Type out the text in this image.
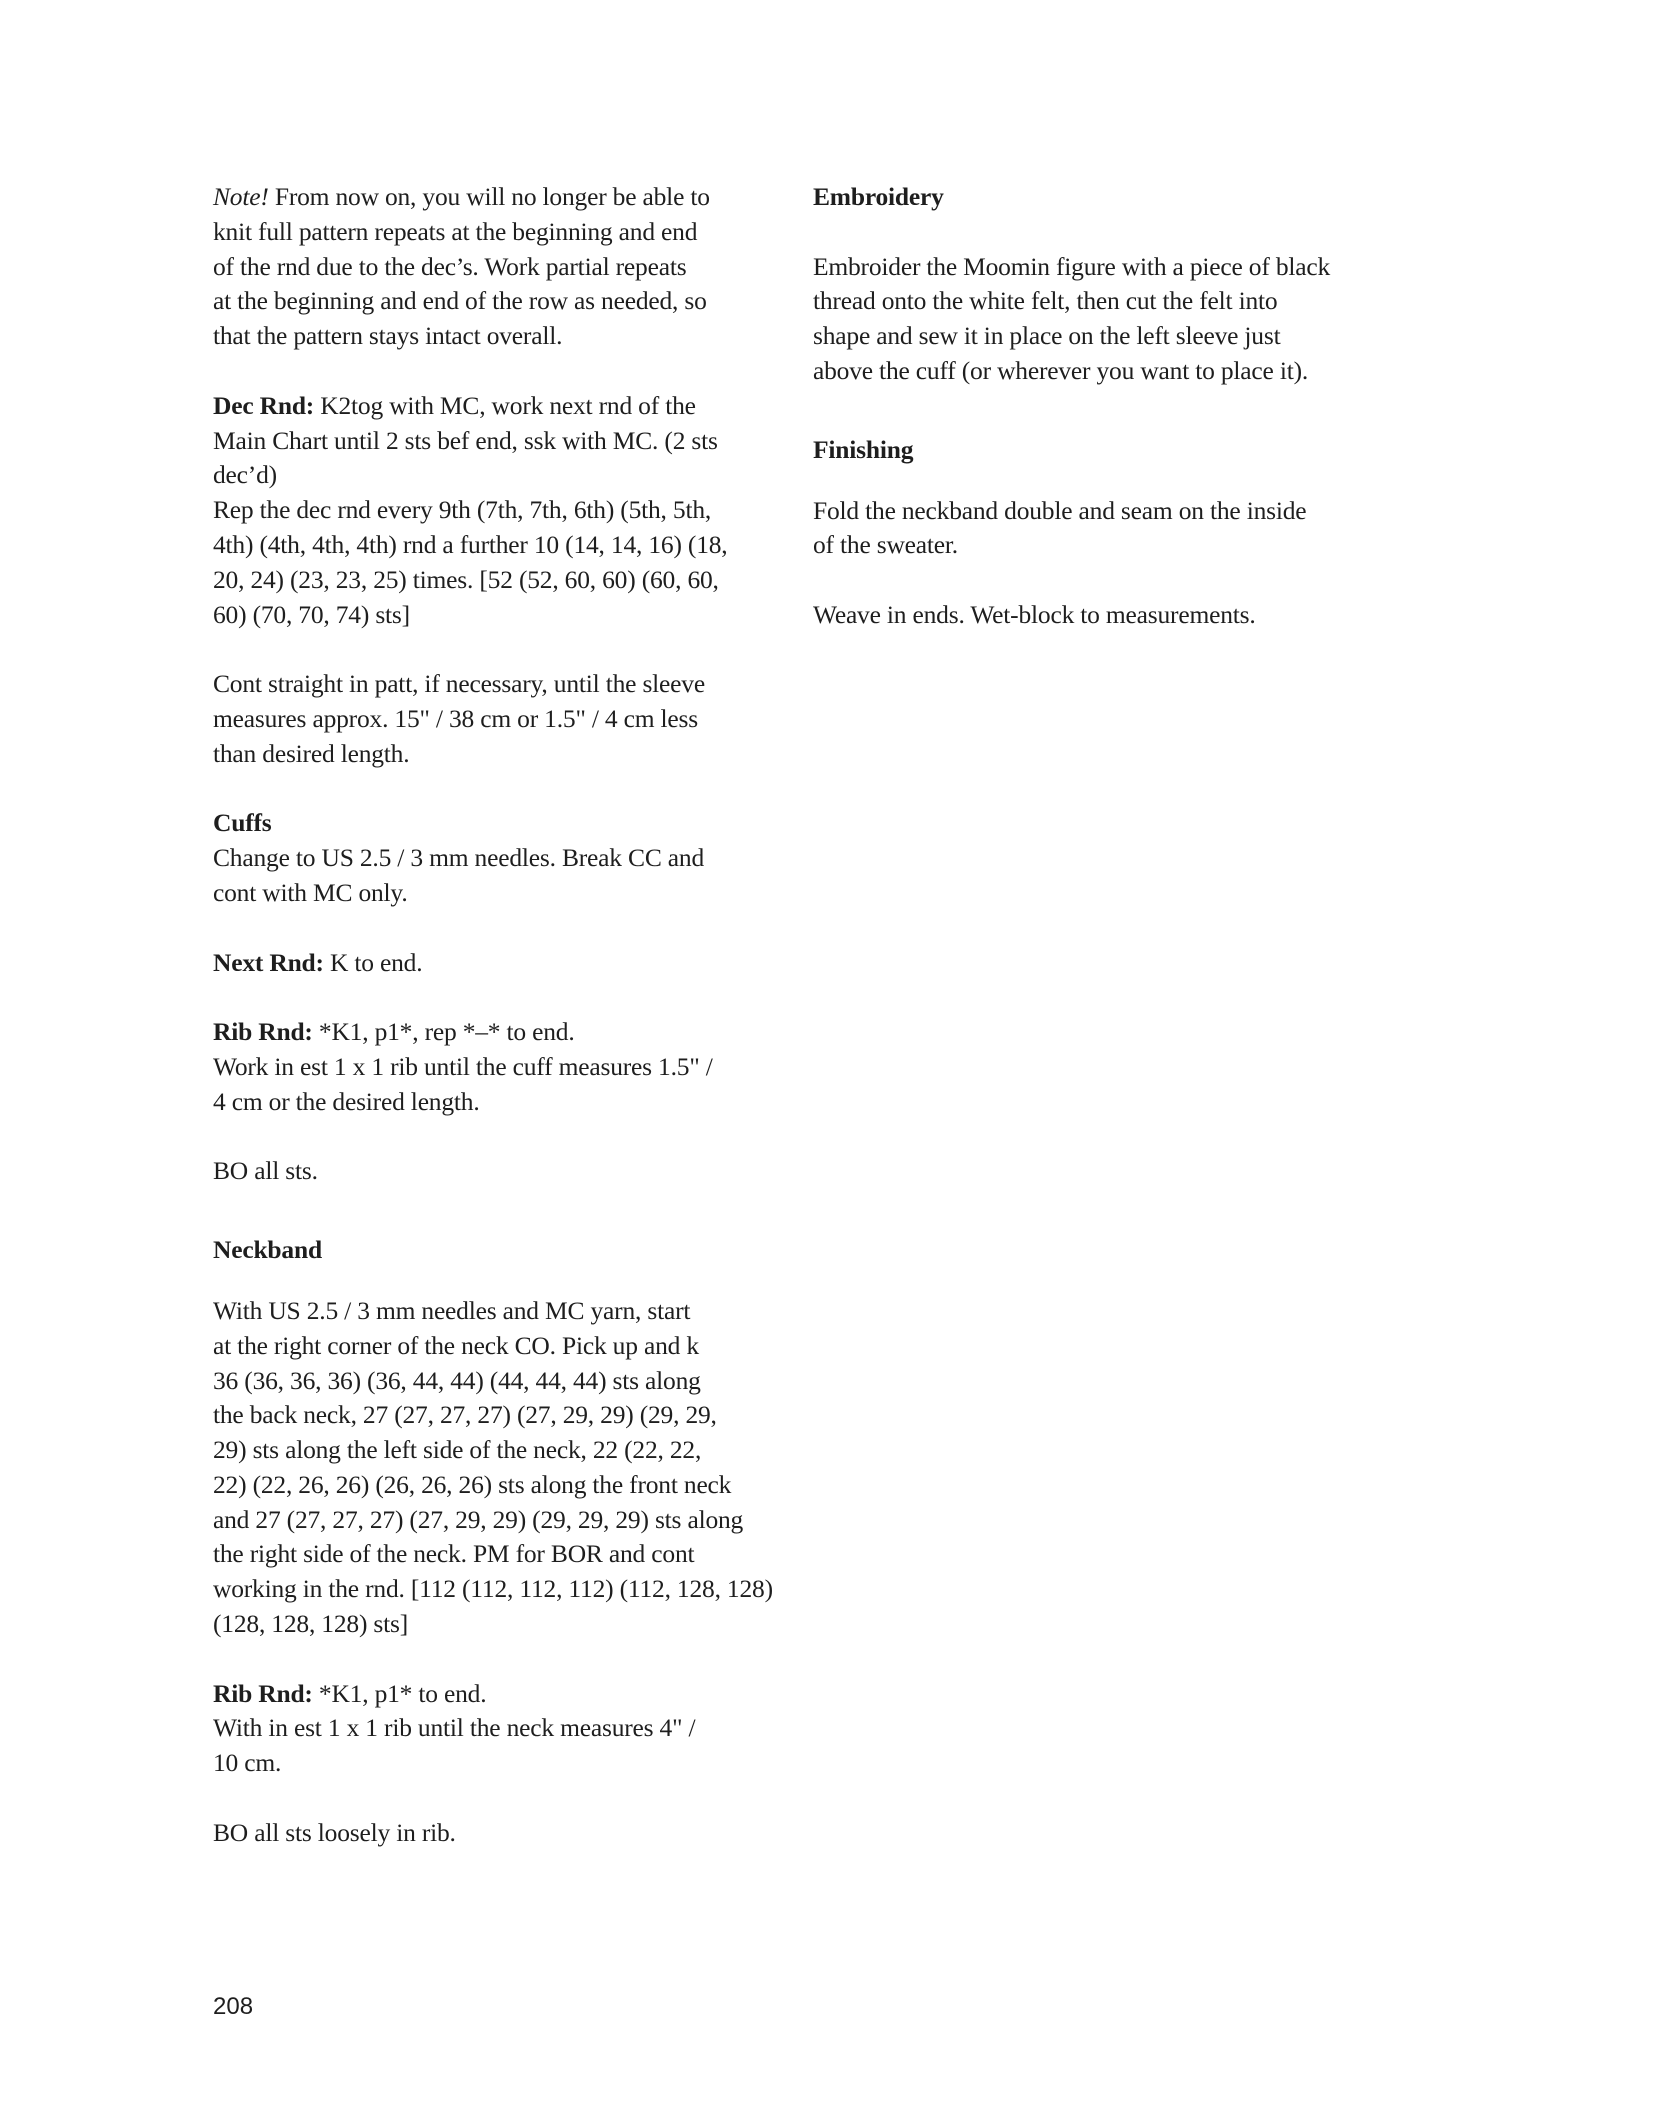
Note! From now on, you will no longer be able to
knit full pattern repeats at the beginning and end
of the rnd due to the dec’s. Work partial repeats
at the beginning and end of the row as needed, so
that the pattern stays intact overall.

Dec Rnd: K2tog with MC, work next rnd of the
Main Chart until 2 sts bef end, ssk with MC. (2 sts
dec’d)
Rep the dec rnd every 9th (7th, 7th, 6th) (5th, 5th,
4th) (4th, 4th, 4th) rnd a further 10 (14, 14, 16) (18,
20, 24) (23, 23, 25) times. [52 (52, 60, 60) (60, 60,
60) (70, 70, 74) sts]

Cont straight in patt, if necessary, until the sleeve
measures approx. 15" / 38 cm or 1.5" / 4 cm less
than desired length.

Cuffs
Change to US 2.5 / 3 mm needles. Break CC and
cont with MC only.

Next Rnd: K to end.

Rib Rnd: *K1, p1*, rep *–* to end.
Work in est 1 x 1 rib until the cuff measures 1.5" /
4 cm or the desired length.

BO all sts.

Neckband

With US 2.5 / 3 mm needles and MC yarn, start
at the right corner of the neck CO. Pick up and k
36 (36, 36, 36) (36, 44, 44) (44, 44, 44) sts along
the back neck, 27 (27, 27, 27) (27, 29, 29) (29, 29,
29) sts along the left side of the neck, 22 (22, 22,
22) (22, 26, 26) (26, 26, 26) sts along the front neck
and 27 (27, 27, 27) (27, 29, 29) (29, 29, 29) sts along
the right side of the neck. PM for BOR and cont
working in the rnd. [112 (112, 112, 112) (112, 128, 128)
(128, 128, 128) sts]

Rib Rnd: *K1, p1* to end.
With in est 1 x 1 rib until the neck measures 4" /
10 cm.

BO all sts loosely in rib.

Embroidery

Embroider the Moomin figure with a piece of black
thread onto the white felt, then cut the felt into
shape and sew it in place on the left sleeve just
above the cuff (or wherever you want to place it).

Finishing

Fold the neckband double and seam on the inside
of the sweater.

Weave in ends. Wet-block to measurements.

208
